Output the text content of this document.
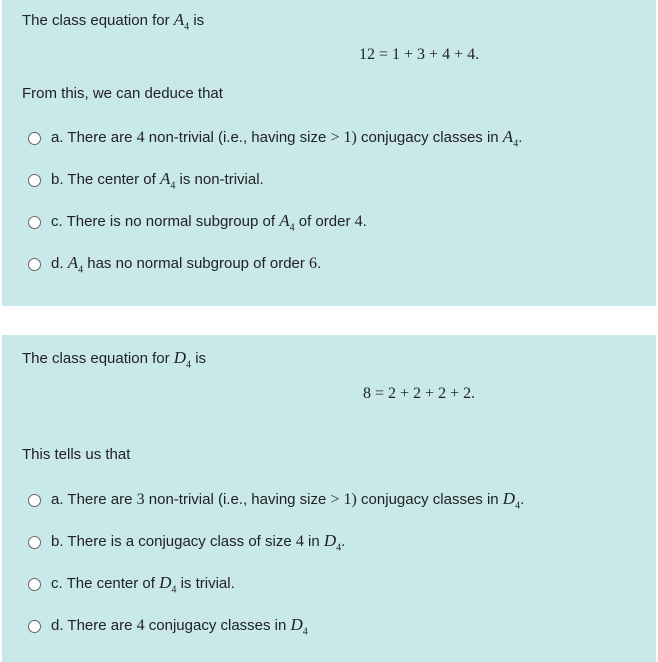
The class equation for $A_4$ is
12 = 1 + 3 + 4 + 4.
From this, we can deduce that
a. There are 4 non-trivial (i.e., having size > 1) conjugacy classes in $A_4$.
b. The center of $A_4$ is non-trivial.
c. There is no normal subgroup of $A_4$ of order 4.
d. $A_4$ has no normal subgroup of order 6.
The class equation for $D_4$ is
8 = 2 + 2 + 2 + 2.
This tells us that
a. There are 3 non-trivial (i.e., having size > 1) conjugacy classes in $D_4$.
b. There is a conjugacy class of size 4 in $D_4$.
c. The center of $D_4$ is trivial.
d. There are 4 conjugacy classes in $D_4$
